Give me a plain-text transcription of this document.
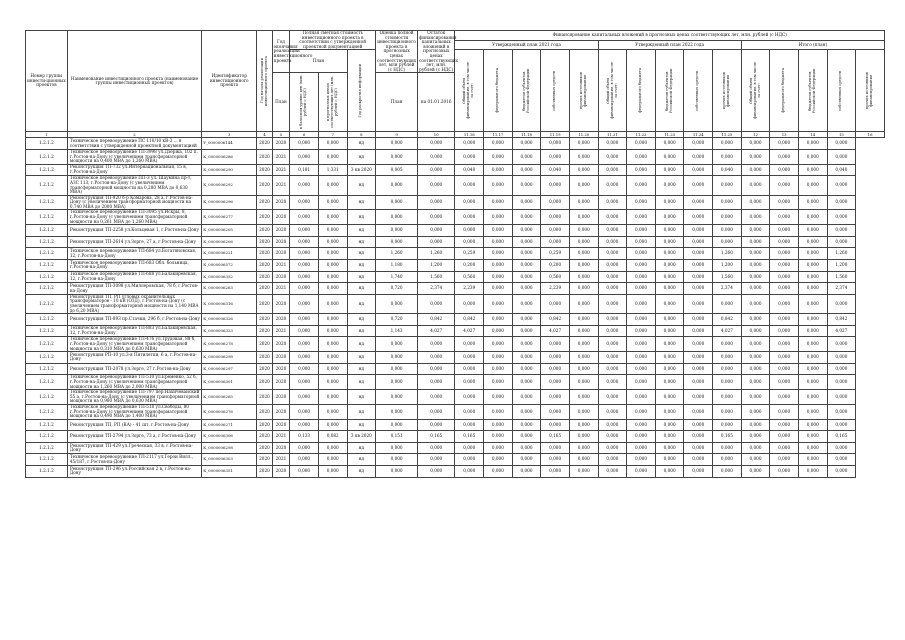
Номер группы инвести-ционных проектов	Наименование инвестиционного проекта (наименование группы инвестиционных проектов)	Идентификатор инвестиционного проекта	Год начала реализации инвестиционного проекта	Год окончания реализации инвестиционного проекта	Полная сметная стоимость инвестиционного проекта в соответствии с утвержденной проектной документацией			Оценка полной стоимости инвестиционного проекта в прогнозных ценах соответствующих лет, млн рублей (с НДС)	Остаток финансирования капитальных вложений в прогнозных ценах соответствующих лет, млн. рублей (с НДС)	Финансирование капитальных вложений в прогнозных ценах соответствующих лет, млн. рублей (с НДС)														
										Утвержденный план 2021 года					Утвержденный план 2022 года					Итого (план)				
					План		Год раскрытия информации			Общий объем финансирования, в том числе за счет:	федерального бюджета	бюджетов субъектов Российской Федерации	собственных средств	прочих источников финансирования	Общий объем финансирования, в том числе за счет:	федерального бюджета	бюджетов субъектов Российской Федерации	собственных средств	прочих источников финансирования	Общий объем финансирования, в том числе за счет:	федерального бюджета	бюджетов субъектов Российской Федерации	собственных средств	прочих источников финансирования

				План	в базисном уровне цен (млн. рублей с НДС)	в прогнозных ценах соответствующих лет (млн. рублей с НДС)		План	на 01.01.2016															
1	2	3	4	5	6	7	8	9	10	11.16	11.17	11.18	11.19	11.20	11.21	11.22	11.23	11.24	11.25	12	13	14	15	16
1.2.1.2	Техническое перевооружение ПС 110/10 кВ-3 ... в соответствии с утвержденной проектной документацией	У_0000006144	2020	2020	0,000	0,000	нд	0,000	0,000	0,000	0,000	0,000	0,000	0,000	0,000	0,000	0,000	0,000	0,000	0,000	0,000	0,000	0,000	
1.2.1.2	Техническое перевооружение ТП-3998 ул.Дзержа, 102 п. г.Ростов-на-Дону (с увеличением трансформаторной мощности на 0,400 МВА до 1,260 МВА)	К_0000006286	2020	2021	0,000	0,000	нд	0,000	0,000	0,000	0,000	0,000	0,000	0,000	0,000	0,000	0,000	0,000	0,000	0,000	0,000	0,000	0,000	
1.2.1.2	Реконструкция ТП-732 ул.Интернациональная, 15 в, г.Ростов-на-Дону	К_0000006290	2020	2021	0,181	1,331	3 кв 2020	0,005	0,000	0,040	0,000	0,000	0,040	0,000	0,000	0,000	0,000	0,000	0,040	0,000	0,000	0,000	0,040	
1.2.1.2	Техническое перевооружение ПП-3 ул. Шаумяна пр-т, АЗС 113, г.Ростов-на-Дону (с увеличением трансформаторной мощности на 0,280 МВА до 0,630 МВА)	К_0000006292	2020	2021	0,000	0,000	нд	0,000	0,000	0,000	0,000	0,000	0,000	0,000	0,000	0,000	0,000	0,000	0,000	0,000	0,000	0,000	0,000	
1.2.1.2	Реконструкция ТП-920 б-р Комарова, 28 а, г.Ростов-на-Дону (с увеличением трансформаторной мощности на 0,740 МВА до 2000 МВА)	К_0000006296	2020	2020	0,000	0,000	нд	0,000	0,000	0,000	0,000	0,000	0,000	0,000	0,000	0,000	0,000	0,000	0,000	0,000	0,000	0,000	0,000	
1.2.1.2	Техническое перевооружение ТП-3095 ул.Искры, 8, г.Ростов-на-Дону (с увеличением трансформаторной мощности на 0,261 МВА до 1,260 МВА)	К_0000006277	2020	2020	0,000	0,000	нд	0,000	0,000	0,000	0,000	0,000	0,000	0,000	0,000	0,000	0,000	0,000	0,000	0,000	0,000	0,000	0,000	
1.2.1.2	Реконструкция ТП-2258 ул.Кольцевая 1, г.Ростов-на-Дону	К_0000006205	2020	2020	0,000	0,000	нд	0,000	0,000	0,000	0,000	0,000	0,000	0,000	0,000	0,000	0,000	0,000	0,000	0,000	0,000	0,000	0,000	
1.2.1.2	Реконструкция ТП-2614 ул.Зорге, 27 а, г.Ростов-на-Дону	К_0000006206	2020	2020	0,000	0,000	нд	0,000	0,000	0,000	0,000	0,000	0,000	0,000	0,000	0,000	0,000	0,000	0,000	0,000	0,000	0,000	0,000	
1.2.1.2	Техническое перевооружение ТП-684 ул.Богатяновская, 12, г.Ростов-на-Дону	К_0000006221	2020	2020	0,000	0,000	нд	1,260	1,260	0,259	0,000	0,000	0,259	0,000	0,000	0,000	0,000	0,000	1,260	0,000	0,000	0,000	1,260	
1.2.1.2	Техническое перевооружение ТП-683 Обл. больница, г.Ростов-на-Дону	К_0000006572	2020	2021	0,000	0,000	нд	1,180	1,200	0,200	0,000	0,000	0,200	0,000	0,000	0,000	0,000	0,000	1,200	0,000	0,000	0,000	1,200	
1.2.1.2	Техническое перевооружение ТП-688 ул.Балакиревская, 12, г.Ростов-на-Дону	К_0000006352	2020	2020	0,000	0,000	нд	1,740	1,560	0,560	0,000	0,000	0,560	0,000	0,000	0,000	0,000	0,000	1,560	0,000	0,000	0,000	1,560	
1.2.1.2	Реконструкция ТП-3098 ул.Миллеровская, 78 б, г.Ростов-на-Дону	К_0000006263	2020	2021	0,000	0,000	нд	0,720	2,374	2,239	0,000	0,000	2,239	0,000	0,000	0,000	0,000	0,000	2,374	0,000	0,000	0,000	2,374	
1.2.1.2	Реконструкция ТП, РП угловых охранительных трансформаторов - 10 кВ (ОЗД), г.Ростов-на-Дону (с увеличением трансформаторной мощности на 1,140 МВА до 6,20 МВА)	К_0000006316	2020	2020	0,000	0,000	нд	0,000	0,000	0,000	0,000	0,000	0,000	0,000	0,000	0,000	0,000	0,000	0,000	0,000	0,000	0,000	0,000	
1.2.1.2	Реконструкция ТП-893 пр.Стачки, 296 б, г.Ростов-на-Дону	К_0000006326	2020	2020	0,000	0,000	нд	0,720	0,842	0,842	0,000	0,000	0,842	0,000	0,000	0,000	0,000	0,000	0,842	0,000	0,000	0,000	0,842	
1.2.1.2	Техническое перевооружение ТП-883 ул.Балакиревская, 12, г.Ростов-на-Дону	К_0000006323	2020	2021	0,000	0,000	нд	1,143	4,027	4,027	0,000	0,000	4,027	0,000	0,000	0,000	0,000	0,000	4,027	0,000	0,000	0,000	4,027	
1.2.1.2	Техническое перевооружение ТП-476 ул.Трудовая, 88 б, г.Ростов-на-Дону (с увеличением трансформаторной мощности на 0,310 МВА до 0,630 МВА)	К_0000006278	2020	2020	0,000	0,000	нд	0,000	0,000	0,000	0,000	0,000	0,000	0,000	0,000	0,000	0,000	0,000	0,000	0,000	0,000	0,000	0,000	
1.2.1.2	Реконструкция РП-10 ул.3-я Пятилетки, 6 а, г.Ростов-на-Дону	К_0000006298	2020	2020	0,000	0,000	нд	0,000	0,000	0,000	0,000	0,000	0,000	0,000	0,000	0,000	0,000	0,000	0,000	0,000	0,000	0,000	0,000	
1.2.1.2	Реконструкция ТП-2078 ул.Зорге, 27 г.Ростов-на-Дону	К_0000006297	2020	2020	0,000	0,000	нд	0,000	0,000	0,000	0,000	0,000	0,000	0,000	0,000	0,000	0,000	0,000	0,000	0,000	0,000	0,000	0,000	
1.2.1.2	Техническое перевооружение ТП-510 ул.Еременко, 52 б, г.Ростов-на-Дону (с увеличением трансформаторной мощности на 1,260 МВА до 2,000 МВА)	К_0000006301	2020	2020	0,000	0,000	нд	0,000	0,000	0,000	0,000	0,000	0,000	0,000	0,000	0,000	0,000	0,000	0,000	0,000	0,000	0,000	0,000	
1.2.1.2	Техническое перевооружение ТП-797 пер.Нахичеванский 55 а, г.Ростов-на-Дону (с увеличением трансформаторной мощности на 0,980 МВА до 0,630 МВА)	К_0000006265	2020	2020	0,000	0,000	нд	0,000	0,000	0,000	0,000	0,000	0,000	0,000	0,000	0,000	0,000	0,000	0,000	0,000	0,000	0,000	0,000	
1.2.1.2	Техническое перевооружение ТП-518 ул.Свободы, 80 г.Ростов-на-Дону (с увеличением трансформаторной мощности на 0,490 МВА до 1,400 МВА)	К_0000006276	2020	2020	0,000	0,000	нд	0,000	0,000	0,000	0,000	0,000	0,000	0,000	0,000	0,000	0,000	0,000	0,000	0,000	0,000	0,000	0,000	
1.2.1.2	Реконструкция ТП, РП (КА) - 41 шт. г.Ростов-на-Дону	К_0000006271	2020	2020	0,000	0,000	нд	0,000	0,000	0,000	0,000	0,000	0,000	0,000	0,000	0,000	0,000	0,000	0,000	0,000	0,000	0,000	0,000	
1.2.1.2	Реконструкция ТП-2794 ул.Зорге, 73 а, г.Ростов-на-Дону	К_0000006306	2020	2021	0,133	0,082	3 кв 2020	0,151	0,165	0,165	0,000	0,000	0,165	0,000	0,000	0,000	0,000	0,000	0,165	0,000	0,000	0,000	0,165	
1.2.1.2	Реконструкция ТП-429 ул.Греческая, 33 в, г.Ростов-на-Дону	К_0000006298	2020	2020	0,000	0,000	нд	0,000	0,000	0,000	0,000	0,000	0,000	0,000	0,000	0,000	0,000	0,000	0,000	0,000	0,000	0,000	0,000	
1.2.1.2	Техническое перевооружение ТП-2117 ул.Герои Вилл., 45/187, г.Ростов-на-Дону	К_0000006303	2020	2021	0,000	0,000	нд	0,000	0,000	0,000	0,000	0,000	0,000	0,000	0,000	0,000	0,000	0,000	0,000	0,000	0,000	0,000	0,000	
1.2.1.2	Реконструкция ТП-296 ул.Российская 2 в, г.Ростов-на-Дону	К_0000006351	2020	2020	0,000	0,000	нд	0,000	0,000	0,000	0,000	0,000	0,000	0,000	0,000	0,000	0,000	0,000	0,000	0,000	0,000	0,000	0,000	
